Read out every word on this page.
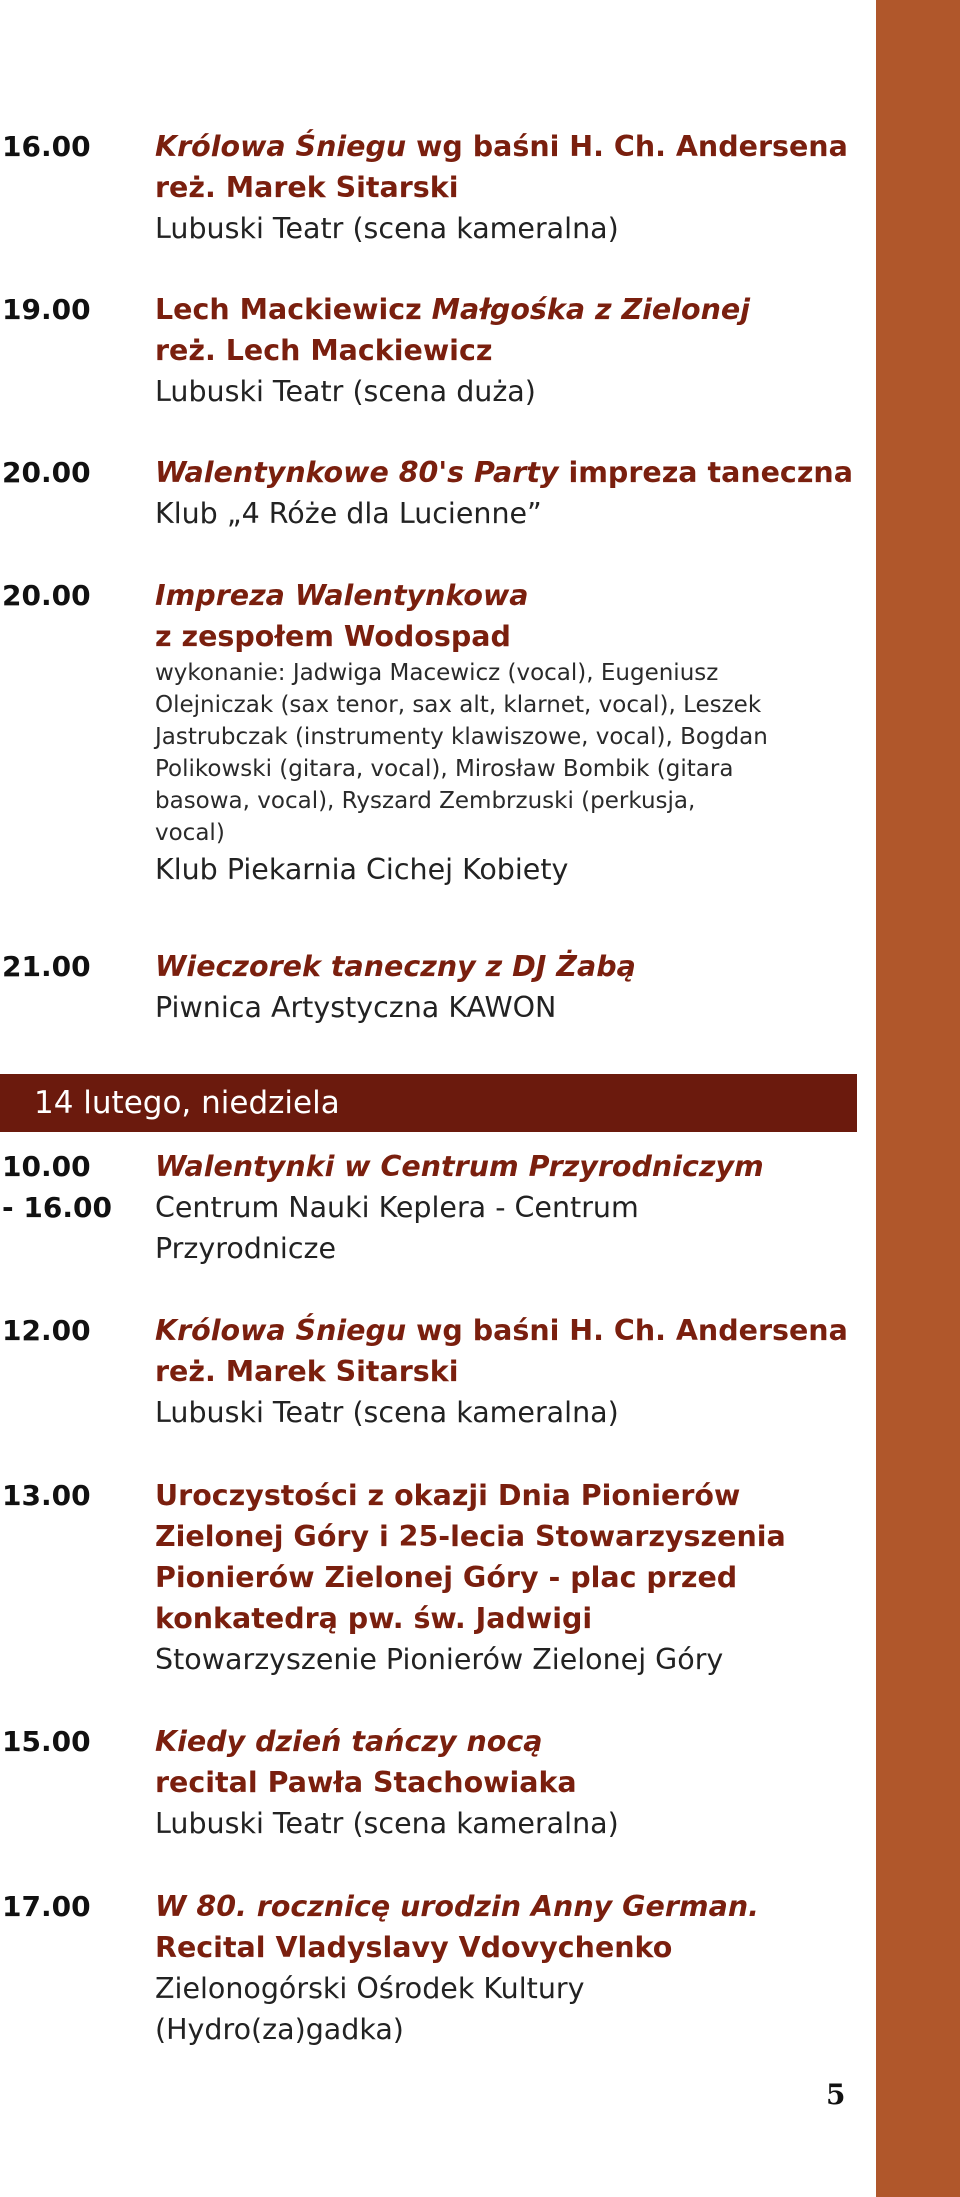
16.00 Królowa Śniegu wg baśni H. Ch. Andersena
reż. Marek Sitarski
Lubuski Teatr (scena kameralna)
19.00 Lech Mackiewicz Małgośka z Zielonej
reż. Lech Mackiewicz
Lubuski Teatr (scena duża)
20.00 Walentynkowe 80's Party impreza taneczna
Klub „4 Róże dla Lucienne”
20.00 Impreza Walentynkowa
z zespołem Wodospad
wykonanie: Jadwiga Macewicz (vocal), Eugeniusz
Olejniczak (sax tenor, sax alt, klarnet, vocal), Leszek
Jastrubczak (instrumenty klawiszowe, vocal), Bogdan
Polikowski (gitara, vocal), Mirosław Bombik (gitara
basowa, vocal), Ryszard Zembrzuski (perkusja,
vocal)
Klub Piekarnia Cichej Kobiety
21.00 Wieczorek taneczny z DJ Żabą
Piwnica Artystyczna KAWON
14 lutego, niedziela
10.00
- 16.00
Walentynki w Centrum Przyrodniczym
Centrum Nauki Keplera - Centrum
Przyrodnicze
12.00 Królowa Śniegu wg baśni H. Ch. Andersena
reż. Marek Sitarski
Lubuski Teatr (scena kameralna)
13.00 Uroczystości z okazji Dnia Pionierów
Zielonej Góry i 25-lecia Stowarzyszenia
Pionierów Zielonej Góry - plac przed
konkatedrą pw. św. Jadwigi
Stowarzyszenie Pionierów Zielonej Góry
15.00 Kiedy dzień tańczy nocą
recital Pawła Stachowiaka
Lubuski Teatr (scena kameralna)
17.00 W 80. rocznicę urodzin Anny German.
Recital Vladyslavy Vdovychenko
Zielonogórski Ośrodek Kultury
(Hydro(za)gadka)
5
